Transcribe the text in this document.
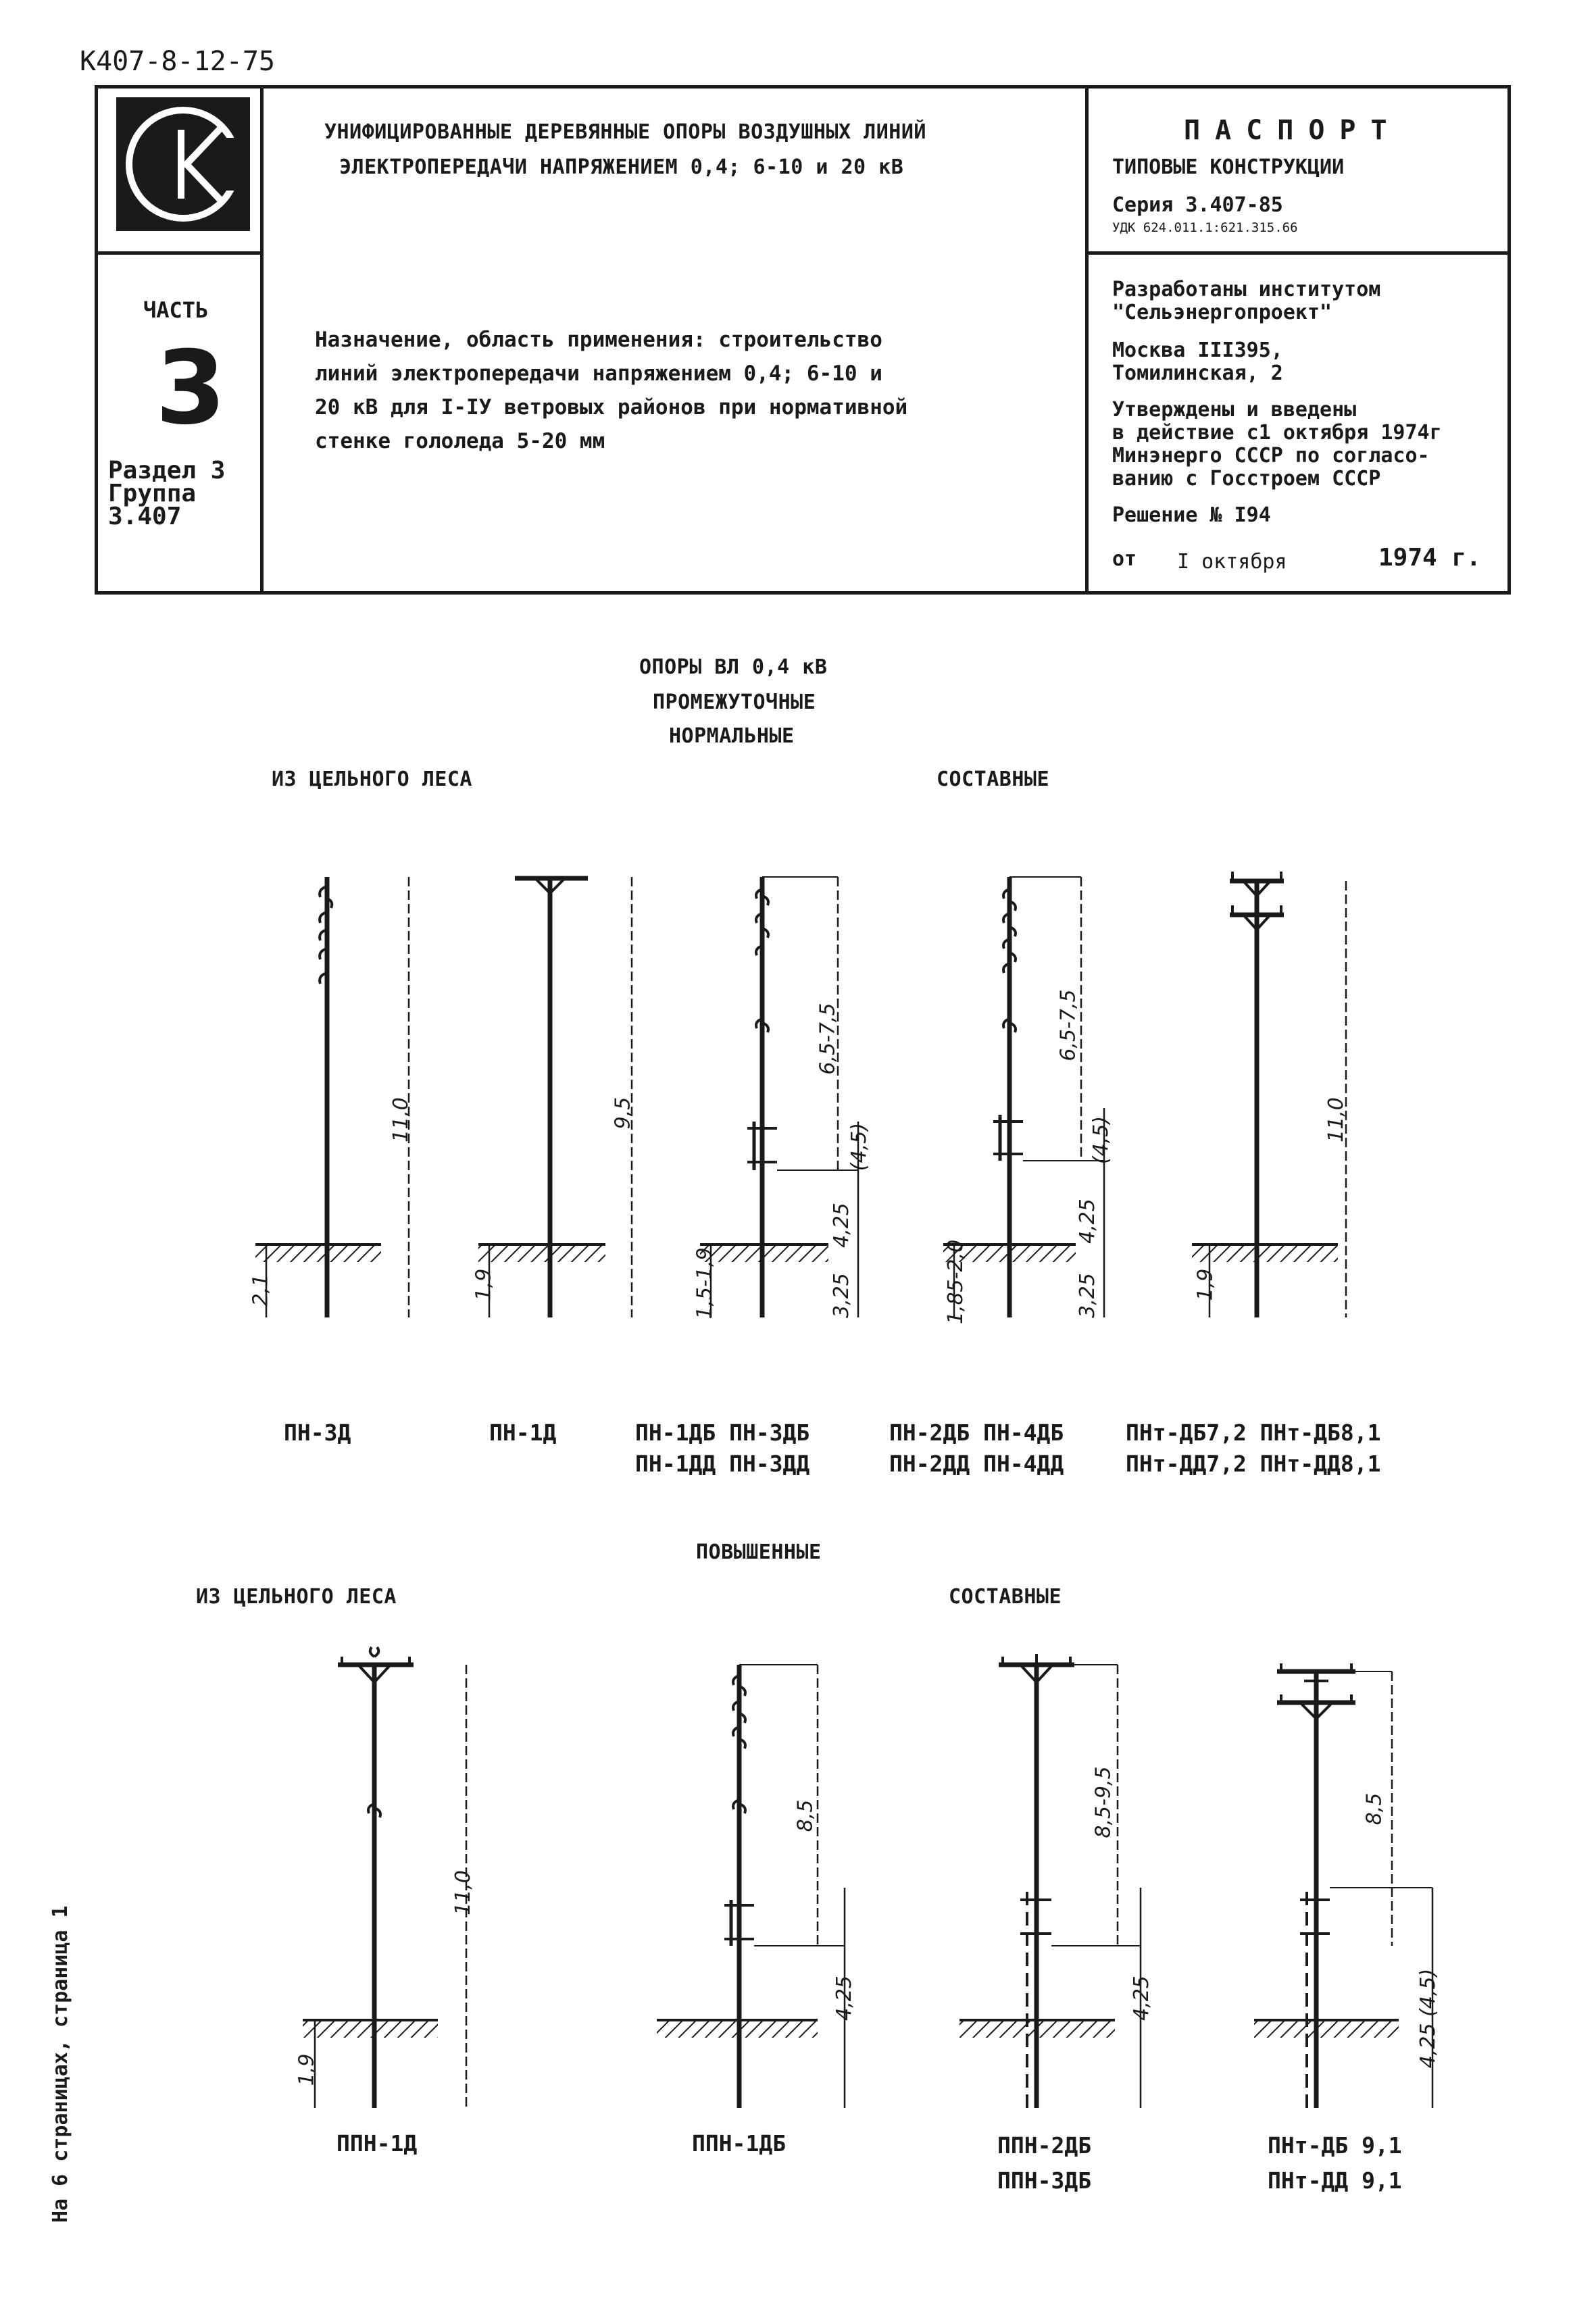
К407-8-12-75
УНИФИЦИРОВАННЫЕ ДЕРЕВЯННЫЕ ОПОРЫ ВОЗДУШНЫХ ЛИНИЙ
ЭЛЕКТРОПЕРЕДАЧИ НАПРЯЖЕНИЕМ 0,4; 6-10 и 20 кВ
ПАСПОРТ
ТИПОВЫЕ КОНСТРУКЦИИ
Серия 3.407-85
УДК 624.011.1:621.315.66
ЧАСТЬ
3
Раздел 3
Группа
3.407
Назначение, область применения: строительство
линий электропередачи напряжением 0,4; 6-10 и
20 кВ для I-IУ ветровых районов при нормативной
стенке гололеда 5-20 мм
Разработаны институтом
"Сельэнергопроект"
Москва III395,
Томилинская, 2
Утверждены и введены
в действие с1 октября 1974г
Минэнерго СССР по согласо-
ванию с Госстроем СССР
Решение № I94
от I октября	1974 г.
ОПОРЫ ВЛ 0,4 кВ
ПРОМЕЖУТОЧНЫЕ
НОРМАЛЬНЫЕ
ИЗ ЦЕЛЬНОГО ЛЕСА	СОСТАВНЫЕ
ПОВЫШЕННЫЕ
ИЗ ЦЕЛЬНОГО ЛЕСА	СОСТАВНЫЕ
11,0
2,1
9,5
1,9
6,5-7,5
(4,5)
4,25
3,25
1,5-1,9
6,5-7,5
(4,5)
4,25
3,25
1,85-2,0
11,0
1,9
ПН-3Д	ПН-1Д	ПН-1ДБ ПН-3ДБ
ПН-1ДД ПН-3ДД
ПН-2ДБ ПН-4ДБ
ПН-2ДД ПН-4ДД
ПНт-ДБ7,2 ПНт-ДБ8,1
ПНт-ДД7,2 ПНт-ДД8,1
11,0
1,9
8,5
4,25
8,5-9,5
4,25
8,5
4,25 (4,5)
ППН-1Д	ППН-1ДБ	ППН-2ДБ
ППН-3ДБ
ПНт-ДБ 9,1
ПНт-ДД 9,1
На 6 страницах, страница 1
